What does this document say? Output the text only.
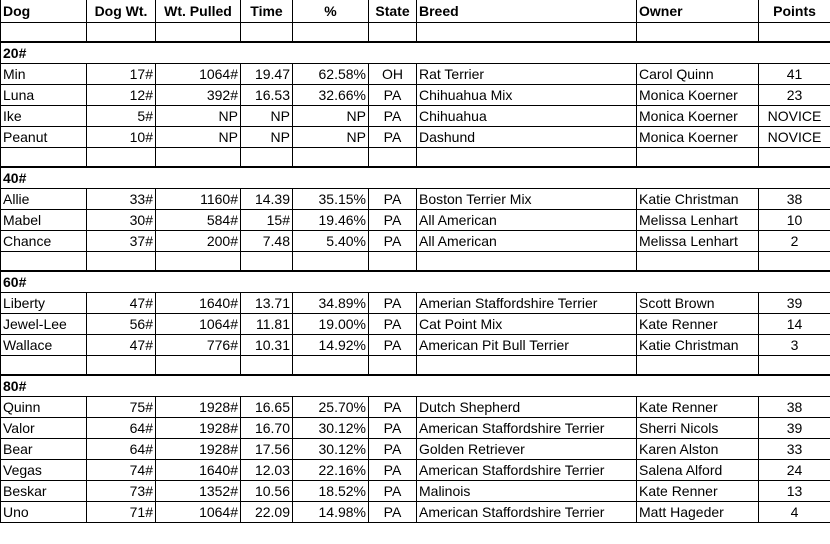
Dog	Dog Wt.	Wt. Pulled	Time	%	State	Breed	Owner	Points

20#								
Min	17#	1064#	19.47	62.58%	OH	Rat Terrier	Carol Quinn	41
Luna	12#	392#	16.53	32.66%	PA	Chihuahua Mix	Monica Koerner	23
Ike	5#	NP	NP	NP	PA	Chihuahua	Monica Koerner	NOVICE
Peanut	10#	NP	NP	NP	PA	Dashund	Monica Koerner	NOVICE

40#								
Allie	33#	1160#	14.39	35.15%	PA	Boston Terrier Mix	Katie Christman	38
Mabel	30#	584#	15#	19.46%	PA	All American	Melissa Lenhart	10
Chance	37#	200#	7.48	5.40%	PA	All American	Melissa Lenhart	2

60#								
Liberty	47#	1640#	13.71	34.89%	PA	Amerian Staffordshire Terrier	Scott Brown	39
Jewel-Lee	56#	1064#	11.81	19.00%	PA	Cat Point Mix	Kate Renner	14
Wallace	47#	776#	10.31	14.92%	PA	American Pit Bull Terrier	Katie Christman	3

80#								
Quinn	75#	1928#	16.65	25.70%	PA	Dutch Shepherd	Kate Renner	38
Valor	64#	1928#	16.70	30.12%	PA	American Staffordshire Terrier	Sherri Nicols	39
Bear	64#	1928#	17.56	30.12%	PA	Golden Retriever	Karen Alston	33
Vegas	74#	1640#	12.03	22.16%	PA	American Staffordshire Terrier	Salena Alford	24
Beskar	73#	1352#	10.56	18.52%	PA	Malinois	Kate Renner	13
Uno	71#	1064#	22.09	14.98%	PA	American Staffordshire Terrier	Matt Hageder	4
